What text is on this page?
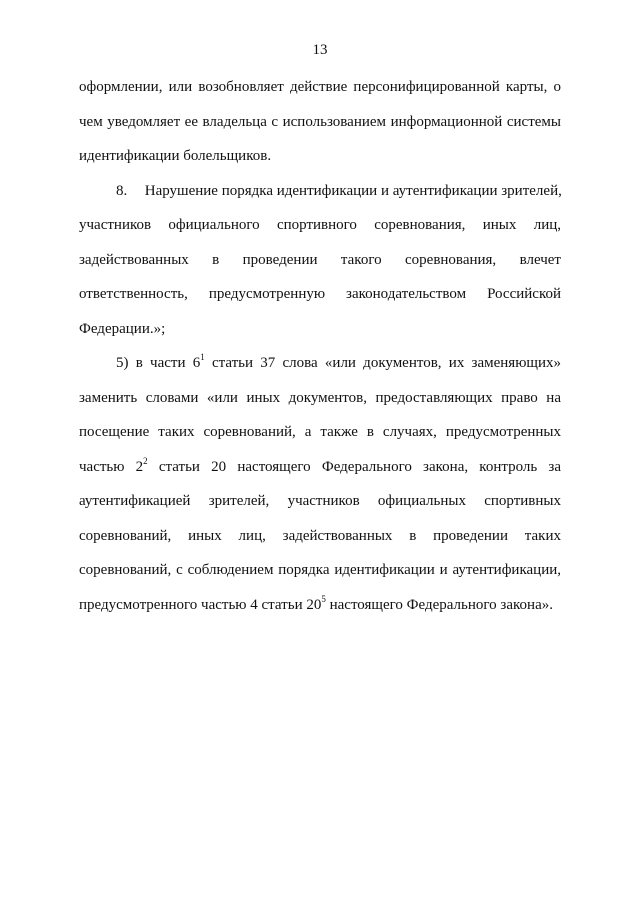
13
оформлении, или возобновляет действие персонифицированной карты, о
чем уведомляет ее владельца с использованием информационной системы
идентификации болельщиков.
8. Нарушение порядка идентификации и аутентификации зрителей,
участников официального спортивного соревнования, иных лиц,
задействованных в проведении такого соревнования, влечет
ответственность, предусмотренную законодательством Российской
Федерации.»;
5) в части $6^1$ статьи 37 слова «или документов, их заменяющих»
заменить словами «или иных документов, предоставляющих право на
посещение таких соревнований, а также в случаях, предусмотренных
частью $2^2$ статьи 20 настоящего Федерального закона, контроль за
аутентификацией зрителей, участников официальных спортивных
соревнований, иных лиц, задействованных в проведении таких
соревнований, с соблюдением порядка идентификации и аутентификации,
предусмотренного частью 4 статьи $20^5$ настоящего Федерального закона».
